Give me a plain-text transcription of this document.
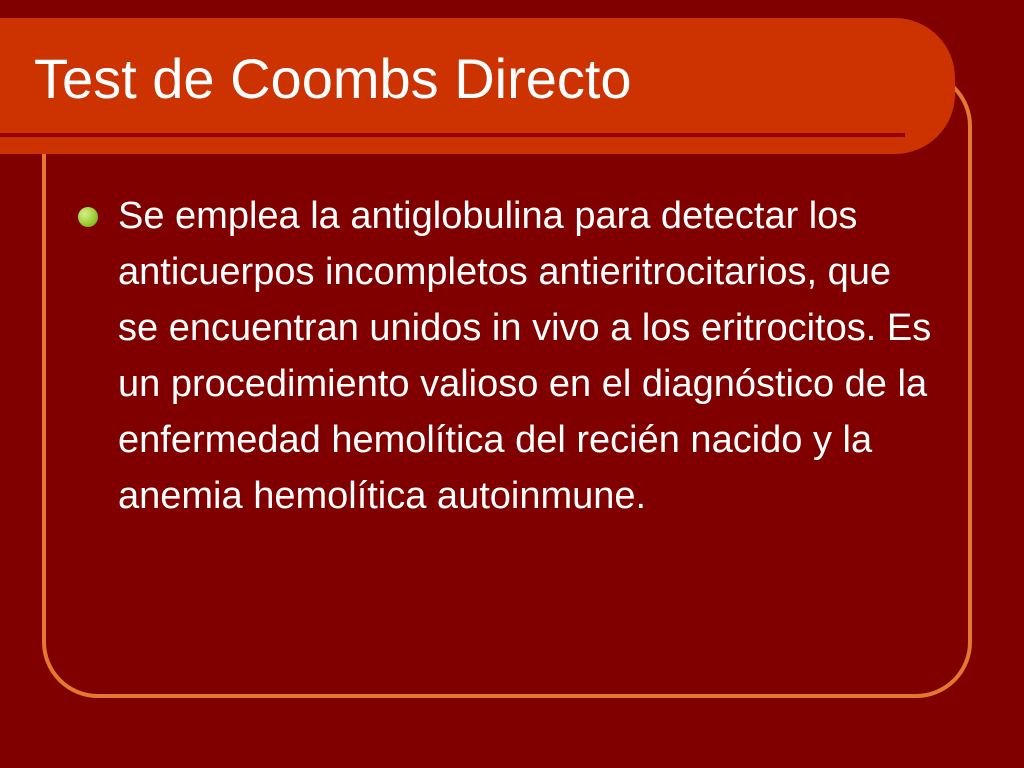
Test de Coombs Directo

Se emplea la antiglobulina para detectar los anticuerpos incompletos antieritrocitarios, que se encuentran unidos in vivo a los eritrocitos. Es un procedimiento valioso en el diagnóstico de la enfermedad hemolítica del recién nacido y la anemia hemolítica autoinmune.
